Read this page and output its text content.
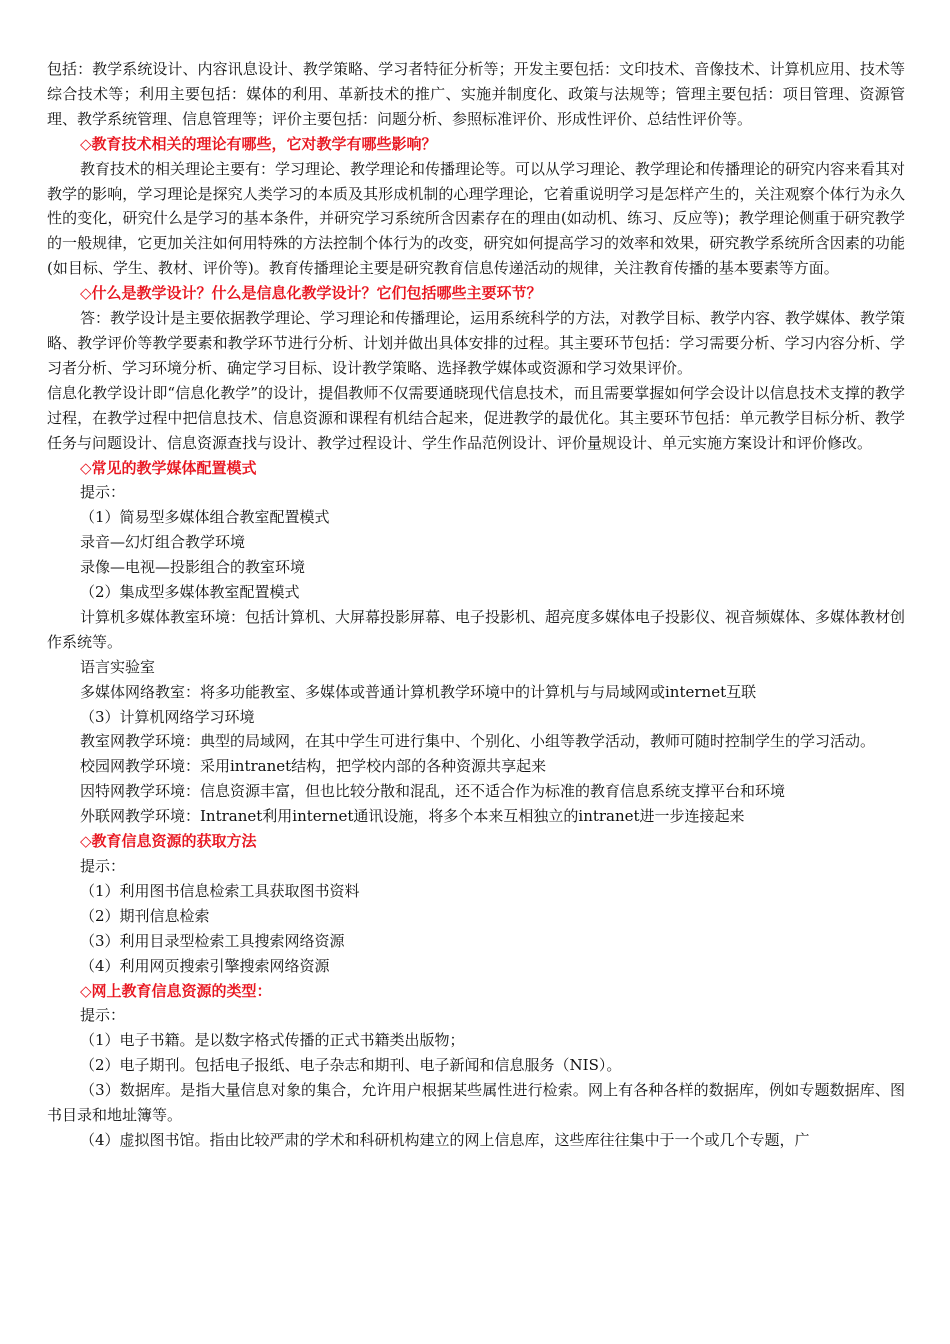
包括：教学系统设计、内容讯息设计、教学策略、学习者特征分析等；开发主要包括：文印技术、音像技术、计算机应用、技术等综合技术等；利用主要包括：媒体的利用、革新技术的推广、实施并制度化、政策与法规等；管理主要包括：项目管理、资源管理、教学系统管理、信息管理等；评价主要包括：问题分析、参照标准评价、形成性评价、总结性评价等。

◇教育技术相关的理论有哪些，它对教学有哪些影响？

教育技术的相关理论主要有：学习理论、教学理论和传播理论等。可以从学习理论、教学理论和传播理论的研究内容来看其对教学的影响，学习理论是探究人类学习的本质及其形成机制的心理学理论，它着重说明学习是怎样产生的，关注观察个体行为永久性的变化，研究什么是学习的基本条件，并研究学习系统所含因素存在的理由(如动机、练习、反应等)；教学理论侧重于研究教学的一般规律，它更加关注如何用特殊的方法控制个体行为的改变，研究如何提高学习的效率和效果，研究教学系统所含因素的功能(如目标、学生、教材、评价等)。教育传播理论主要是研究教育信息传递活动的规律，关注教育传播的基本要素等方面。

◇什么是教学设计？什么是信息化教学设计？它们包括哪些主要环节？

答：教学设计是主要依据教学理论、学习理论和传播理论，运用系统科学的方法，对教学目标、教学内容、教学媒体、教学策略、教学评价等教学要素和教学环节进行分析、计划并做出具体安排的过程。其主要环节包括：学习需要分析、学习内容分析、学习者分析、学习环境分析、确定学习目标、设计教学策略、选择教学媒体或资源和学习效果评价。

信息化教学设计即“信息化教学”的设计，提倡教师不仅需要通晓现代信息技术，而且需要掌握如何学会设计以信息技术支撑的教学过程，在教学过程中把信息技术、信息资源和课程有机结合起来，促进教学的最优化。其主要环节包括：单元教学目标分析、教学任务与问题设计、信息资源查找与设计、教学过程设计、学生作品范例设计、评价量规设计、单元实施方案设计和评价修改。

◇常见的教学媒体配置模式

提示：

（1）简易型多媒体组合教室配置模式

录音—幻灯组合教学环境

录像—电视—投影组合的教室环境

（2）集成型多媒体教室配置模式

计算机多媒体教室环境：包括计算机、大屏幕投影屏幕、电子投影机、超亮度多媒体电子投影仪、视音频媒体、多媒体教材创作系统等。

语言实验室

多媒体网络教室：将多功能教室、多媒体或普通计算机教学环境中的计算机与与局域网或internet互联

（3）计算机网络学习环境

教室网教学环境：典型的局域网，在其中学生可进行集中、个别化、小组等教学活动，教师可随时控制学生的学习活动。

校园网教学环境：采用intranet结构，把学校内部的各种资源共享起来

因特网教学环境：信息资源丰富，但也比较分散和混乱，还不适合作为标准的教育信息系统支撑平台和环境

外联网教学环境：Intranet利用internet通讯设施，将多个本来互相独立的intranet进一步连接起来

◇教育信息资源的获取方法

提示：

（1）利用图书信息检索工具获取图书资料

（2）期刊信息检索

（3）利用目录型检索工具搜索网络资源

（4）利用网页搜索引擎搜索网络资源

◇网上教育信息资源的类型：

提示：

（1）电子书籍。是以数字格式传播的正式书籍类出版物；

（2）电子期刊。包括电子报纸、电子杂志和期刊、电子新闻和信息服务（NIS）。

（3）数据库。是指大量信息对象的集合，允许用户根据某些属性进行检索。网上有各种各样的数据库，例如专题数据库、图书目录和地址簿等。

（4）虚拟图书馆。指由比较严肃的学术和科研机构建立的网上信息库，这些库往往集中于一个或几个专题，广
